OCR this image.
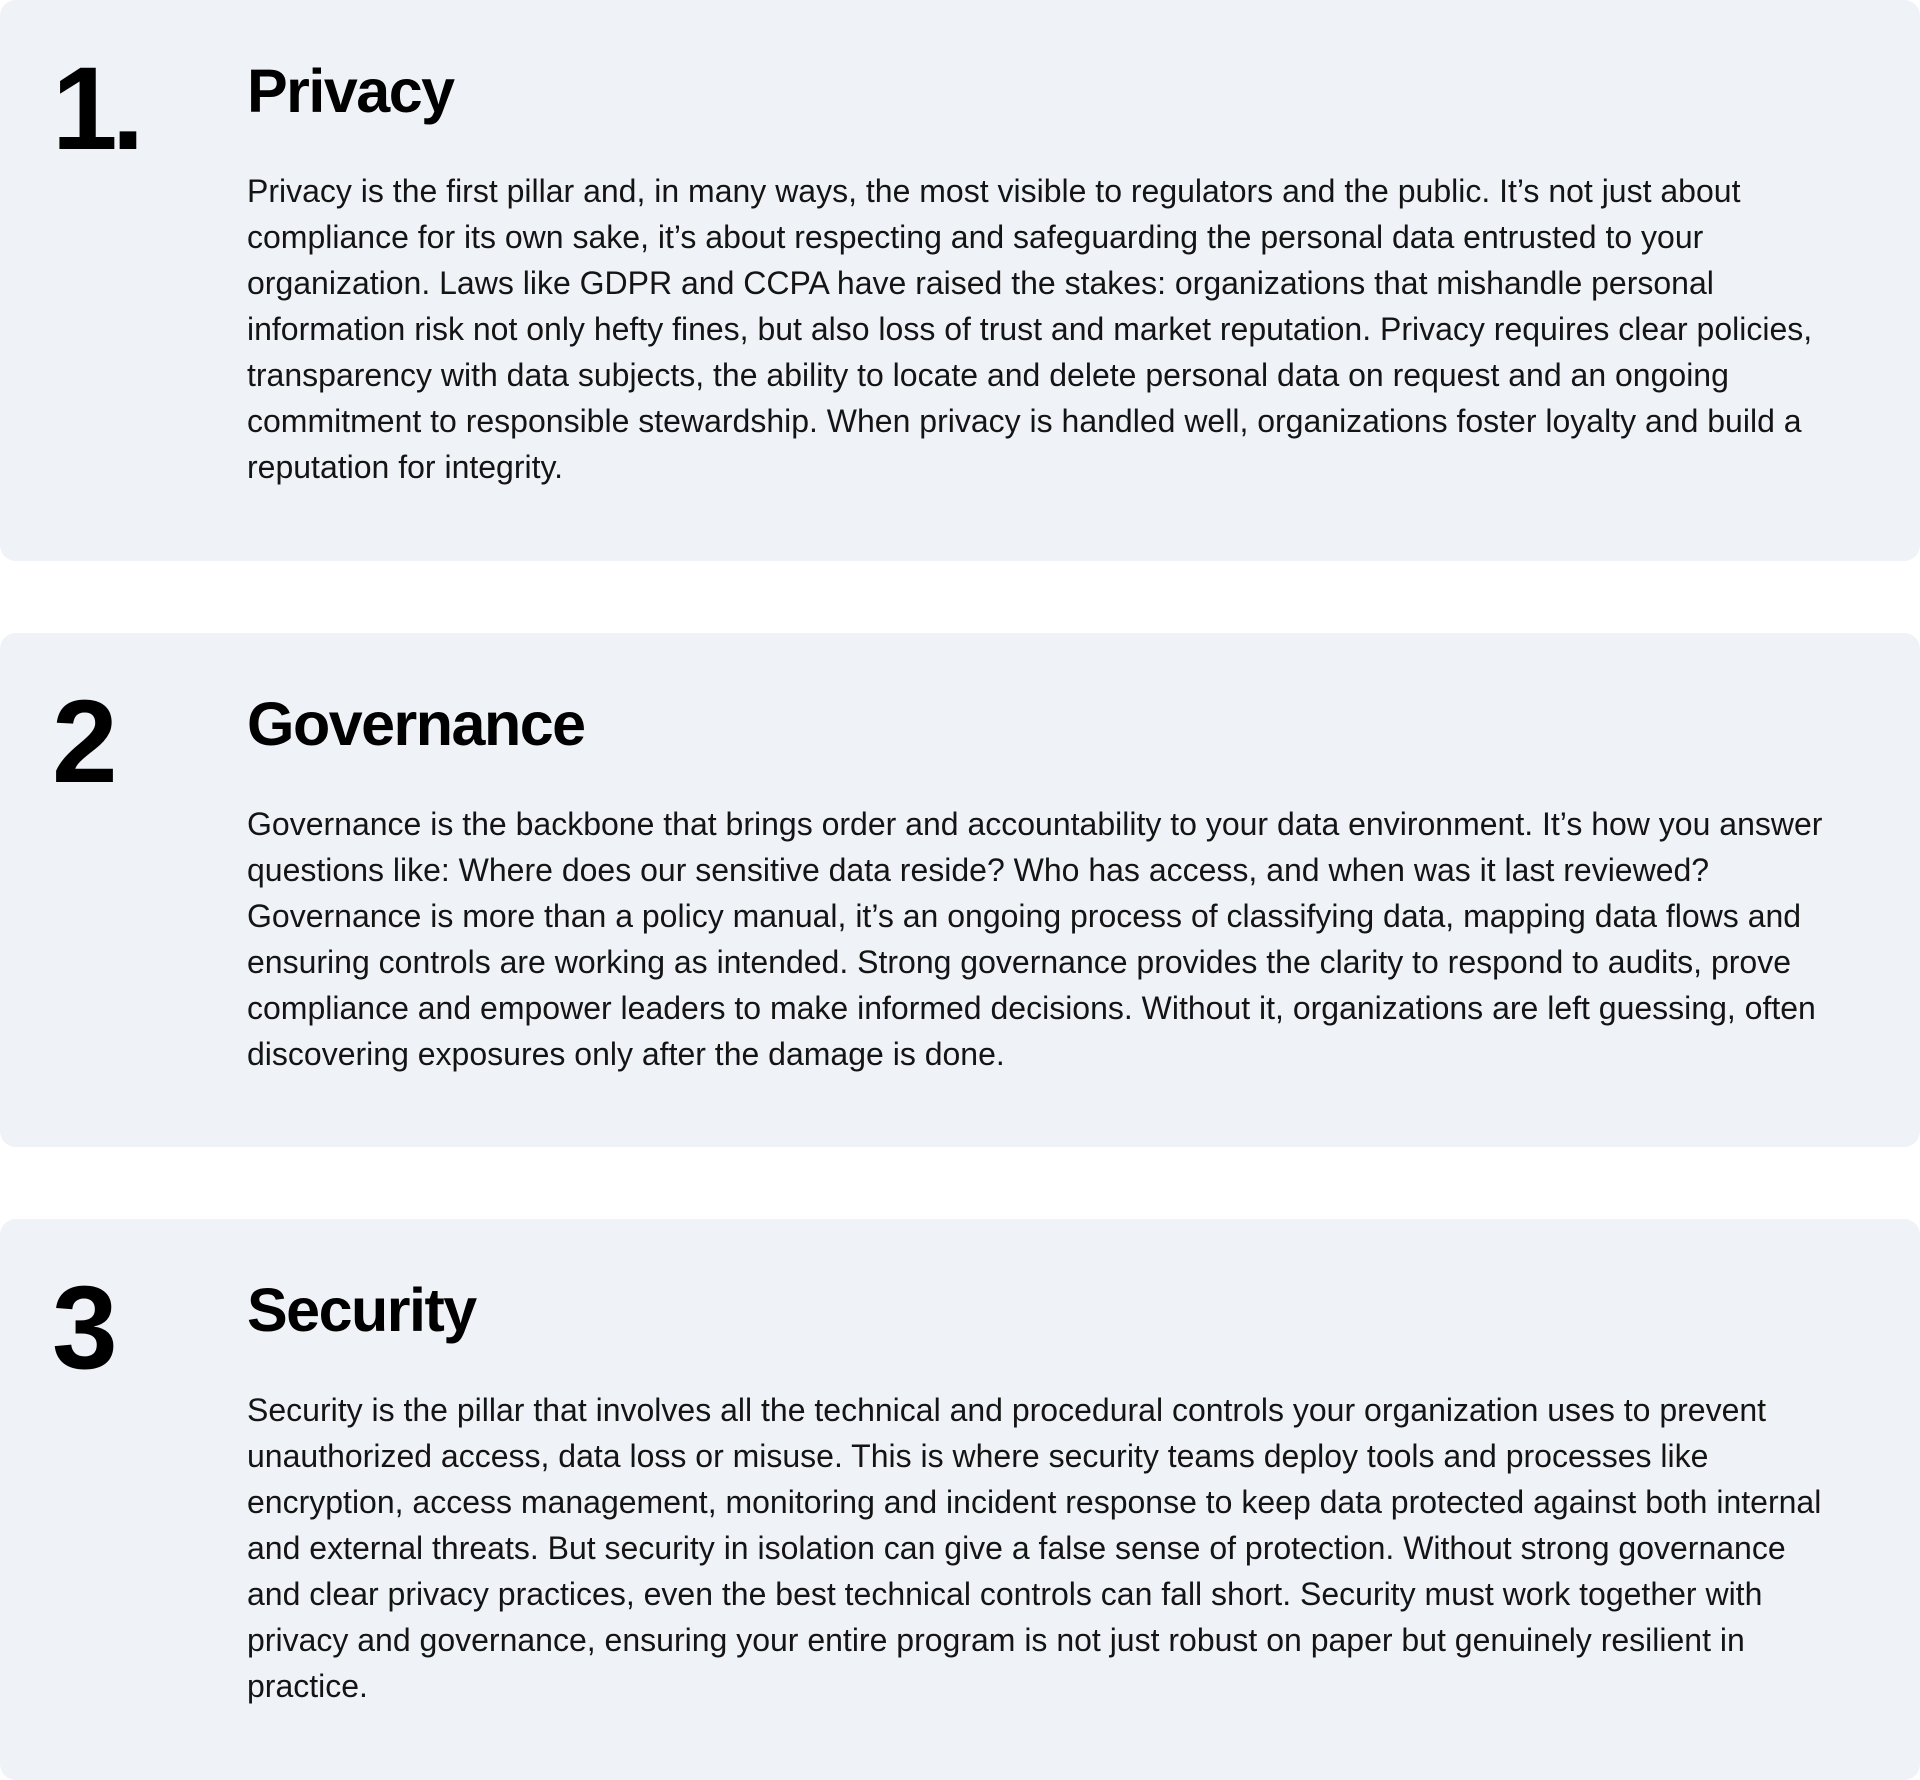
1. Privacy

Privacy is the first pillar and, in many ways, the most visible to regulators and the public. It’s not just about compliance for its own sake, it’s about respecting and safeguarding the personal data entrusted to your organization. Laws like GDPR and CCPA have raised the stakes: organizations that mishandle personal information risk not only hefty fines, but also loss of trust and market reputation. Privacy requires clear policies, transparency with data subjects, the ability to locate and delete personal data on request and an ongoing commitment to responsible stewardship. When privacy is handled well, organizations foster loyalty and build a reputation for integrity.

2 Governance

Governance is the backbone that brings order and accountability to your data environment. It’s how you answer questions like: Where does our sensitive data reside? Who has access, and when was it last reviewed? Governance is more than a policy manual, it’s an ongoing process of classifying data, mapping data flows and ensuring controls are working as intended. Strong governance provides the clarity to respond to audits, prove compliance and empower leaders to make informed decisions. Without it, organizations are left guessing, often discovering exposures only after the damage is done.

3 Security

Security is the pillar that involves all the technical and procedural controls your organization uses to prevent unauthorized access, data loss or misuse. This is where security teams deploy tools and processes like encryption, access management, monitoring and incident response to keep data protected against both internal and external threats. But security in isolation can give a false sense of protection. Without strong governance and clear privacy practices, even the best technical controls can fall short. Security must work together with privacy and governance, ensuring your entire program is not just robust on paper but genuinely resilient in practice.
